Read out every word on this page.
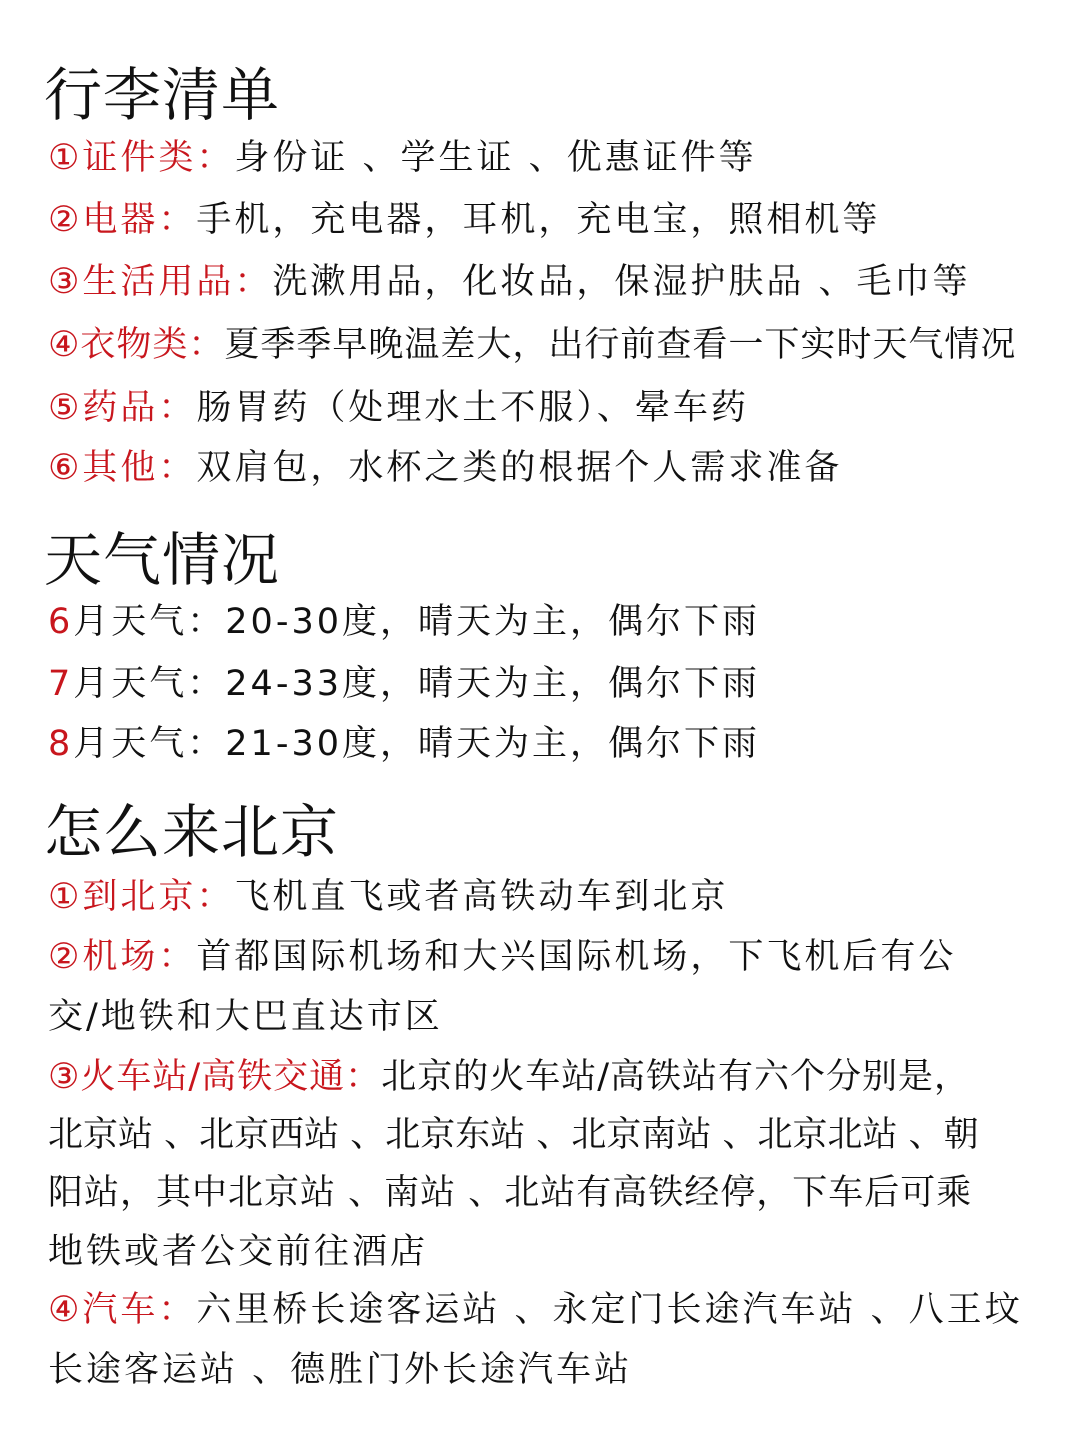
行李清单
①证件类：身份证 、学生证 、优惠证件等
②电器：手机，充电器，耳机，充电宝，照相机等
③生活用品：洗漱用品，化妆品，保湿护肤品 、毛巾等
④衣物类：夏季季早晚温差大，出行前查看一下实时天气情况
⑤药品：肠胃药（处理水土不服）、晕车药
⑥其他：双肩包，水杯之类的根据个人需求准备
天气情况
6月天气：20-30度，晴天为主，偶尔下雨
7月天气：24-33度，晴天为主，偶尔下雨
8月天气：21-30度，晴天为主，偶尔下雨
怎么来北京
①到北京：飞机直飞或者高铁动车到北京
②机场：首都国际机场和大兴国际机场，下飞机后有公
交/地铁和大巴直达市区
③火车站/高铁交通：北京的火车站/高铁站有六个分别是，
北京站 、北京西站 、北京东站 、北京南站 、北京北站 、朝
阳站，其中北京站 、南站 、北站有高铁经停，下车后可乘
地铁或者公交前往酒店
④汽车：六里桥长途客运站 、永定门长途汽车站 、八王坟
长途客运站 、德胜门外长途汽车站
